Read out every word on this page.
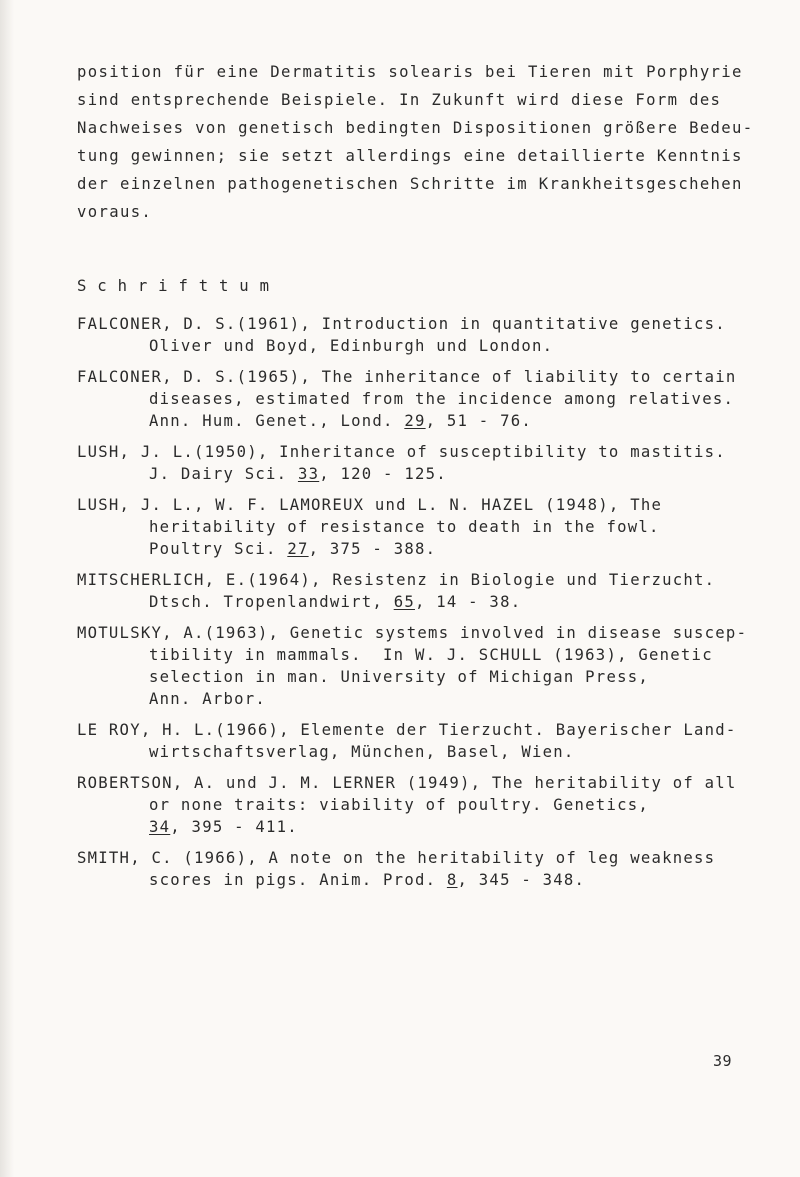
position für eine Dermatitis solearis bei Tieren mit Porphyrie
sind entsprechende Beispiele. In Zukunft wird diese Form des
Nachweises von genetisch bedingten Dispositionen größere Bedeu-
tung gewinnen; sie setzt allerdings eine detaillierte Kenntnis
der einzelnen pathogenetischen Schritte im Krankheitsgeschehen
voraus.
Schrifttum

FALCONER, D. S.(1961), Introduction in quantitative genetics.
Oliver und Boyd, Edinburgh und London.

FALCONER, D. S.(1965), The inheritance of liability to certain
diseases, estimated from the incidence among relatives.
Ann. Hum. Genet., Lond. 29, 51 - 76.

LUSH, J. L.(1950), Inheritance of susceptibility to mastitis.
J. Dairy Sci. 33, 120 - 125.

LUSH, J. L., W. F. LAMOREUX und L. N. HAZEL (1948), The
heritability of resistance to death in the fowl.
Poultry Sci. 27, 375 - 388.

MITSCHERLICH, E.(1964), Resistenz in Biologie und Tierzucht.
Dtsch. Tropenlandwirt, 65, 14 - 38.

MOTULSKY, A.(1963), Genetic systems involved in disease suscep-
tibility in mammals.  In W. J. SCHULL (1963), Genetic
selection in man. University of Michigan Press,
Ann. Arbor.

LE ROY, H. L.(1966), Elemente der Tierzucht. Bayerischer Land-
wirtschaftsverlag, München, Basel, Wien.

ROBERTSON, A. und J. M. LERNER (1949), The heritability of all
or none traits: viability of poultry. Genetics,
34, 395 - 411.

SMITH, C. (1966), A note on the heritability of leg weakness
scores in pigs. Anim. Prod. 8, 345 - 348.

39
